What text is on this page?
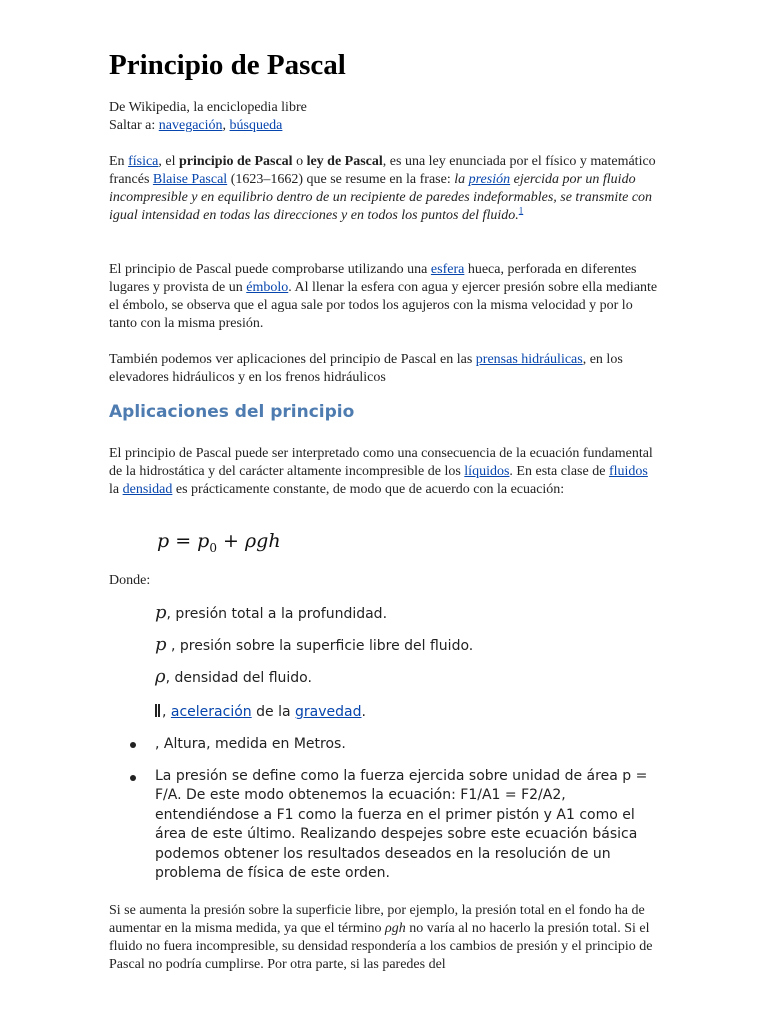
Principio de Pascal
De Wikipedia, la enciclopedia libre
Saltar a: navegación, búsqueda
En física, el principio de Pascal o ley de Pascal, es una ley enunciada por el físico y matemático francés Blaise Pascal (1623–1662) que se resume en la frase: la presión ejercida por un fluido incompresible y en equilibrio dentro de un recipiente de paredes indeformables, se transmite con igual intensidad en todas las direcciones y en todos los puntos del fluido.$^1$
El principio de Pascal puede comprobarse utilizando una esfera hueca, perforada en diferentes lugares y provista de un émbolo. Al llenar la esfera con agua y ejercer presión sobre ella mediante el émbolo, se observa que el agua sale por todos los agujeros con la misma velocidad y por lo tanto con la misma presión.
También podemos ver aplicaciones del principio de Pascal en las prensas hidráulicas, en los elevadores hidráulicos y en los frenos hidráulicos
Aplicaciones del principio
El principio de Pascal puede ser interpretado como una consecuencia de la ecuación fundamental de la hidrostática y del carácter altamente incompresible de los líquidos. En esta clase de fluidos la densidad es prácticamente constante, de modo que de acuerdo con la ecuación:
$p = p_0 + \rho gh$
Donde:
p, presión total a la profundidad.
p , presión sobre la superficie libre del fluido.
ρ, densidad del fluido.
, aceleración de la gravedad.
, Altura, medida en Metros.
La presión se define como la fuerza ejercida sobre unidad de área p = F/A. De este modo obtenemos la ecuación: F1/A1 = F2/A2, entendiéndose a F1 como la fuerza en el primer pistón y A1 como el área de este último. Realizando despejes sobre este ecuación básica podemos obtener los resultados deseados en la resolución de un problema de física de este orden.
Si se aumenta la presión sobre la superficie libre, por ejemplo, la presión total en el fondo ha de aumentar en la misma medida, ya que el término ρgh no varía al no hacerlo la presión total. Si el fluido no fuera incompresible, su densidad respondería a los cambios de presión y el principio de Pascal no podría cumplirse. Por otra parte, si las paredes del
